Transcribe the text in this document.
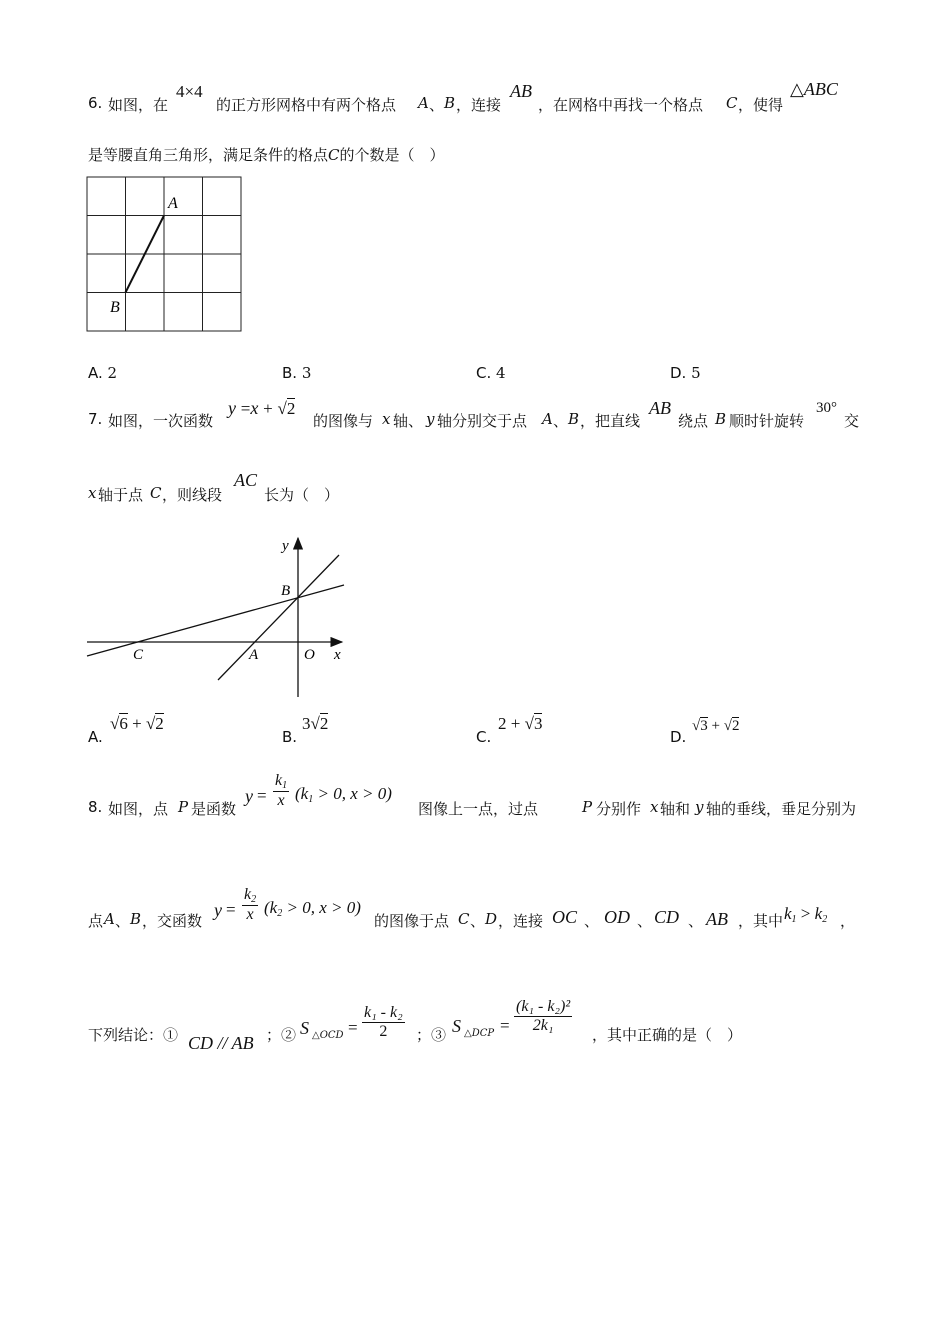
6. 如图，在
4×4
的正方形网格中有两个格点 A 、 B ，连接
AB
，在网格中再找一个格点 C ，使得
△ABC
是等腰直角三角形，满足条件的格点C的个数是（　）
A
B
A. 2	B. 3	C. 4	D. 5
7. 如图，一次函数
y =x + √2
的图像与 x 轴、 y 轴分别交于点 A 、 B ，把直线
AB
绕点 B 顺时针旋转
30°
交
x 轴于点 C ，则线段
AC
长为（　）
y
B
C	A	O x
A.
√6 + √2
B.
3√2
C.
2 + √3
D.
√3 + √2
8. 如图，点 P 是函数
$y = \frac{k_1}{x} (k_1 > 0$, x > 0)
图像上一点，过点	P 分别作 x 轴和 y 轴的垂线，垂足分别为
点 A 、 B ，交函数
$y = \frac{k_2}{x} (k_2 > 0$, x > 0)
的图像于点 C 、 D ，连接 OC 、 OD 、 CD 、 AB ，其中 $k_1 > k_2$ ，
下列结论：① CD // AB ；② S △OCD = $\frac{\text{k₁ - k₂}}{2}$ ；③ S △DCP = $\frac{\text{(k₁ - k₂)²}}{\text{2k₁}}$
，其中正确的是（　）
